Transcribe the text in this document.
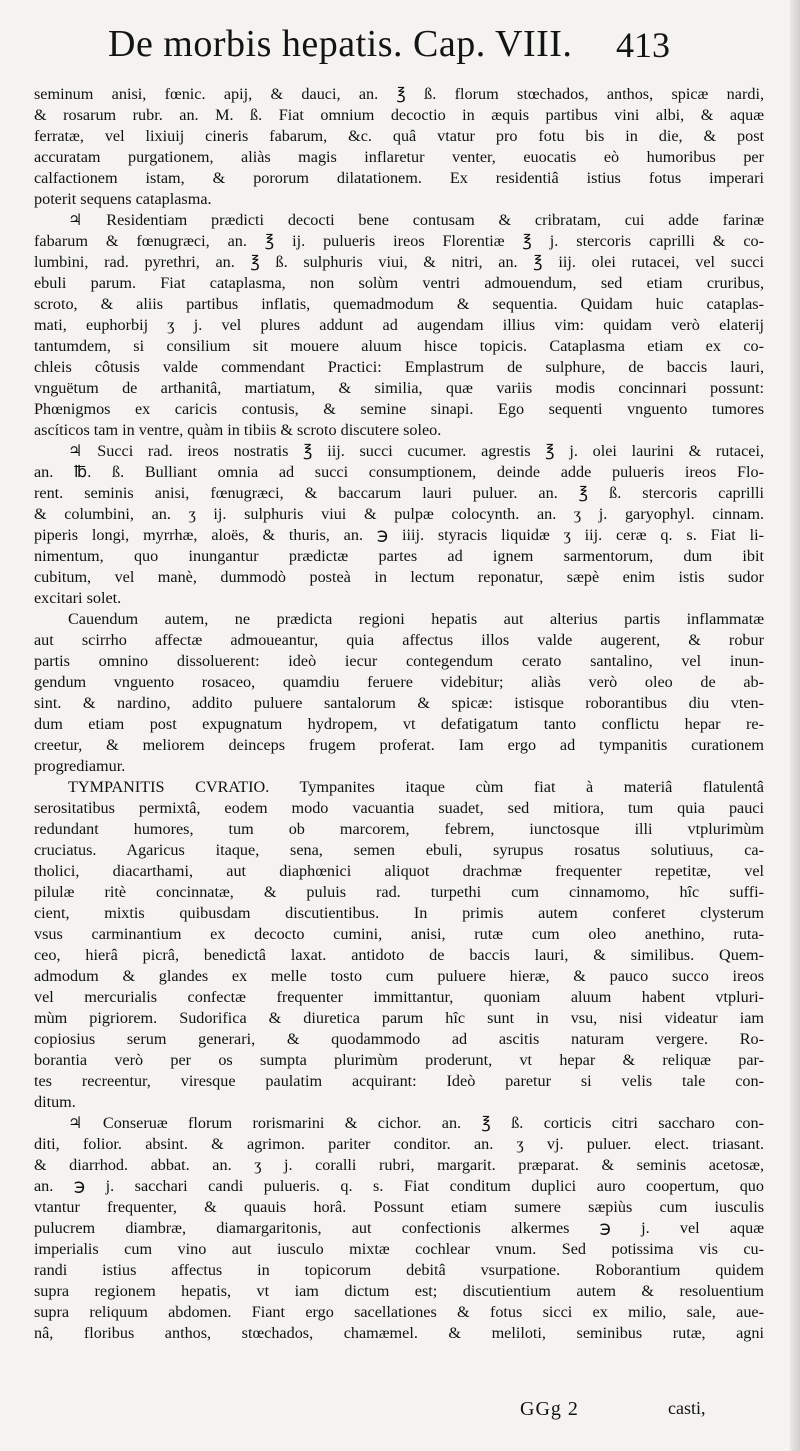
De morbis hepatis. Cap. VIII. 413
seminum anisi, fœnic. apij, & dauci, an. ℥ ß. florum stœchados, anthos, spicæ nardi,
& rosarum rubr. an. M. ß. Fiat omnium decoctio in æquis partibus vini albi, & aquæ
ferratæ, vel lixiuij cineris fabarum, &c. quâ vtatur pro fotu bis in die, & post
accuratam purgationem, aliàs magis inflaretur venter, euocatis eò humoribus per
calfactionem istam, & pororum dilatationem. Ex residentiâ istius fotus imperari
poterit sequens cataplasma.
♃ Residentiam prædicti decocti bene contusam & cribratam, cui adde farinæ
fabarum & fœnugræci, an. ℥ ij. pulueris ireos Florentiæ ℥ j. stercoris caprilli & co-
lumbini, rad. pyrethri, an. ℥ ß. sulphuris viui, & nitri, an. ℥ iij. olei rutacei, vel succi
ebuli parum. Fiat cataplasma, non solùm ventri admouendum, sed etiam cruribus,
scroto, & aliis partibus inflatis, quemadmodum & sequentia. Quidam huic cataplas-
mati, euphorbij ʒ j. vel plures addunt ad augendam illius vim: quidam verò elaterij
tantumdem, si consilium sit mouere aluum hisce topicis. Cataplasma etiam ex co-
chleis côtusis valde commendant Practici: Emplastrum de sulphure, de baccis lauri,
vnguëtum de arthanitâ, martiatum, & similia, quæ variis modis concinnari possunt:
Phœnigmos ex caricis contusis, & semine sinapi. Ego sequenti vnguento tumores
ascíticos tam in ventre, quàm in tibiis & scroto discutere soleo.
♃ Succi rad. ireos nostratis ℥ iij. succi cucumer. agrestis ℥ j. olei laurini & rutacei,
an. ℔. ß. Bulliant omnia ad succi consumptionem, deinde adde pulueris ireos Flo-
rent. seminis anisi, fœnugræci, & baccarum lauri puluer. an. ℥ ß. stercoris caprilli
& columbini, an. ʒ ij. sulphuris viui & pulpæ colocynth. an. ʒ j. garyophyl. cinnam.
piperis longi, myrrhæ, aloës, & thuris, an. ℈ iiij. styracis liquidæ ʒ iij. ceræ q. s. Fiat li-
nimentum, quo inungantur prædictæ partes ad ignem sarmentorum, dum ibit
cubitum, vel manè, dummodò posteà in lectum reponatur, sæpè enim istis sudor
excitari solet.
Cauendum autem, ne prædicta regioni hepatis aut alterius partis inflammatæ
aut scirrho affectæ admoueantur, quia affectus illos valde augerent, & robur
partis omnino dissoluerent: ideò iecur contegendum cerato santalino, vel inun-
gendum vnguento rosaceo, quamdiu feruere videbitur; aliàs verò oleo de ab-
sint. & nardino, addito puluere santalorum & spicæ: istisque roborantibus diu vten-
dum etiam post expugnatum hydropem, vt defatigatum tanto conflictu hepar re-
creetur, & meliorem deinceps frugem proferat. Iam ergo ad tympanitis curationem
progrediamur.
TYMPANITIS CVRATIO. Tympanites itaque cùm fiat à materiâ flatulentâ
serositatibus permixtâ, eodem modo vacuantia suadet, sed mitiora, tum quia pauci
redundant humores, tum ob marcorem, febrem, iunctosque illi vtplurimùm
cruciatus. Agaricus itaque, sena, semen ebuli, syrupus rosatus solutiuus, ca-
tholici, diacarthami, aut diaphœnici aliquot drachmæ frequenter repetitæ, vel
pilulæ ritè concinnatæ, & puluis rad. turpethi cum cinnamomo, hîc suffi-
cient, mixtis quibusdam discutientibus. In primis autem conferet clysterum
vsus carminantium ex decocto cumini, anisi, rutæ cum oleo anethino, ruta-
ceo, hierâ picrâ, benedictâ laxat. antidoto de baccis lauri, & similibus. Quem-
admodum & glandes ex melle tosto cum puluere hieræ, & pauco succo ireos
vel mercurialis confectæ frequenter immittantur, quoniam aluum habent vtpluri-
mùm pigriorem. Sudorifica & diuretica parum hîc sunt in vsu, nisi videatur iam
copiosius serum generari, & quodammodo ad ascitis naturam vergere. Ro-
borantia verò per os sumpta plurimùm proderunt, vt hepar & reliquæ par-
tes recreentur, viresque paulatim acquirant: Ideò paretur si velis tale con-
ditum.
♃ Conseruæ florum rorismarini & cichor. an. ℥ ß. corticis citri saccharo con-
diti, folior. absint. & agrimon. pariter conditor. an. ʒ vj. puluer. elect. triasant.
& diarrhod. abbat. an. ʒ j. coralli rubri, margarit. præparat. & seminis acetosæ,
an. ℈ j. sacchari candi pulueris. q. s. Fiat conditum duplici auro coopertum, quo
vtantur frequenter, & quauis horâ. Possunt etiam sumere sæpiùs cum iusculis
pulucrem diambræ, diamargaritonis, aut confectionis alkermes ℈ j. vel aquæ
imperialis cum vino aut iusculo mixtæ cochlear vnum. Sed potissima vis cu-
randi istius affectus in topicorum debitâ vsurpatione. Roborantium quidem
supra regionem hepatis, vt iam dictum est; discutientium autem & resoluentium
supra reliquum abdomen. Fiant ergo sacellationes & fotus sicci ex milio, sale, aue-
nâ, floribus anthos, stœchados, chamæmel. & meliloti, seminibus rutæ, agni
GGg 2	casti,
